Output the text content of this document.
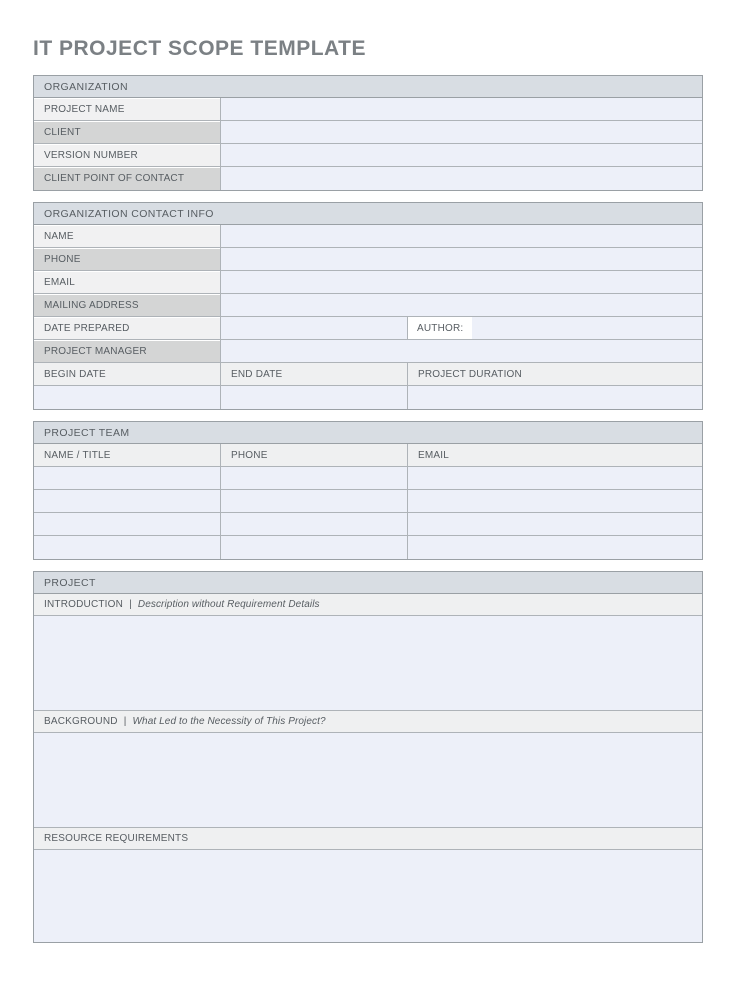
IT PROJECT SCOPE TEMPLATE
ORGANIZATION
PROJECT NAME
CLIENT
VERSION NUMBER
CLIENT POINT OF CONTACT
ORGANIZATION CONTACT INFO
NAME
PHONE
EMAIL
MAILING ADDRESS
DATE PREPARED	AUTHOR:
PROJECT MANAGER
BEGIN DATE	END DATE	PROJECT DURATION
PROJECT TEAM
NAME / TITLE	PHONE	EMAIL
PROJECT
INTRODUCTION | Description without Requirement Details
BACKGROUND | What Led to the Necessity of This Project?
RESOURCE REQUIREMENTS
